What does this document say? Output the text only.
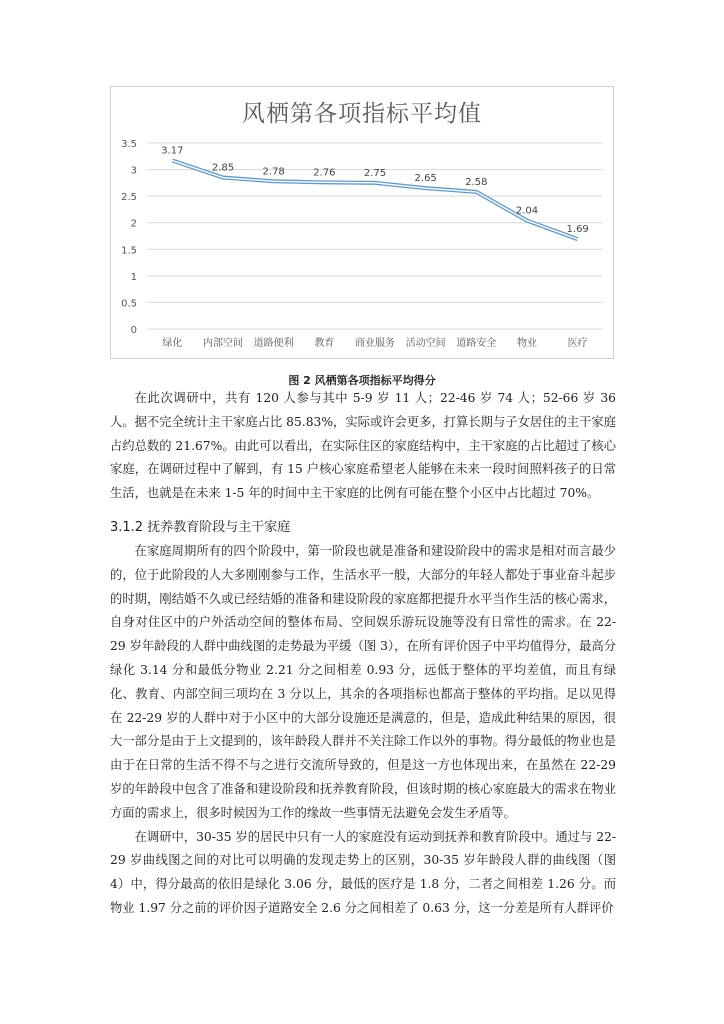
风栖第各项指标平均值
0
0.5
1
1.5
2
2.5
3
3.5
绿化 内部空间 道路便利 教育 商业服务 活动空间 道路安全 物业	医疗
3.17
2.85	2.78	2.76	2.75	2.65	2.58
2.04
1.69
图 2 风栖第各项指标平均得分

在此次调研中，共有 120 人参与其中 5-9 岁 11 人；22-46 岁 74 人；52-66 岁 36 人。据不完全统计主干家庭占比 85.83%，实际或许会更多，打算长期与子女居住的主干家庭占约总数的 21.67%。由此可以看出，在实际住区的家庭结构中，主干家庭的占比超过了核心家庭，在调研过程中了解到，有 15 户核心家庭希望老人能够在未来一段时间照料孩子的日常生活，也就是在未来 1-5 年的时间中主干家庭的比例有可能在整个小区中占比超过 70%。

3.1.2 抚养教育阶段与主干家庭

在家庭周期所有的四个阶段中，第一阶段也就是准备和建设阶段中的需求是相对而言最少的，位于此阶段的人大多刚刚参与工作，生活水平一般，大部分的年轻人都处于事业奋斗起步的时期，刚结婚不久或已经结婚的准备和建设阶段的家庭都把提升水平当作生活的核心需求，自身对住区中的户外活动空间的整体布局、空间娱乐游玩设施等没有日常性的需求。在 22-29 岁年龄段的人群中曲线图的走势最为平缓（图 3），在所有评价因子中平均值得分，最高分绿化 3.14 分和最低分物业 2.21 分之间相差 0.93 分，远低于整体的平均差值，而且有绿化、教育、内部空间三项均在 3 分以上，其余的各项指标也都高于整体的平均指。足以见得在 22-29 岁的人群中对于小区中的大部分设施还是满意的，但是，造成此种结果的原因，很大一部分是由于上文提到的，该年龄段人群并不关注除工作以外的事物。得分最低的物业也是由于在日常的生活不得不与之进行交流所导致的，但是这一方也体现出来，在虽然在 22-29 岁的年龄段中包含了准备和建设阶段和抚养教育阶段，但该时期的核心家庭最大的需求在物业方面的需求上，很多时候因为工作的缘故一些事情无法避免会发生矛盾等。

在调研中，30-35 岁的居民中只有一人的家庭没有运动到抚养和教育阶段中。通过与 22-29 岁曲线图之间的对比可以明确的发现走势上的区别，30-35 岁年龄段人群的曲线图（图 4）中，得分最高的依旧是绿化 3.06 分，最低的医疗是 1.8 分，二者之间相差 1.26 分。而物业 1.97 分之前的评价因子道路安全 2.6 分之间相差了 0.63 分，这一分差是所有人群评价
